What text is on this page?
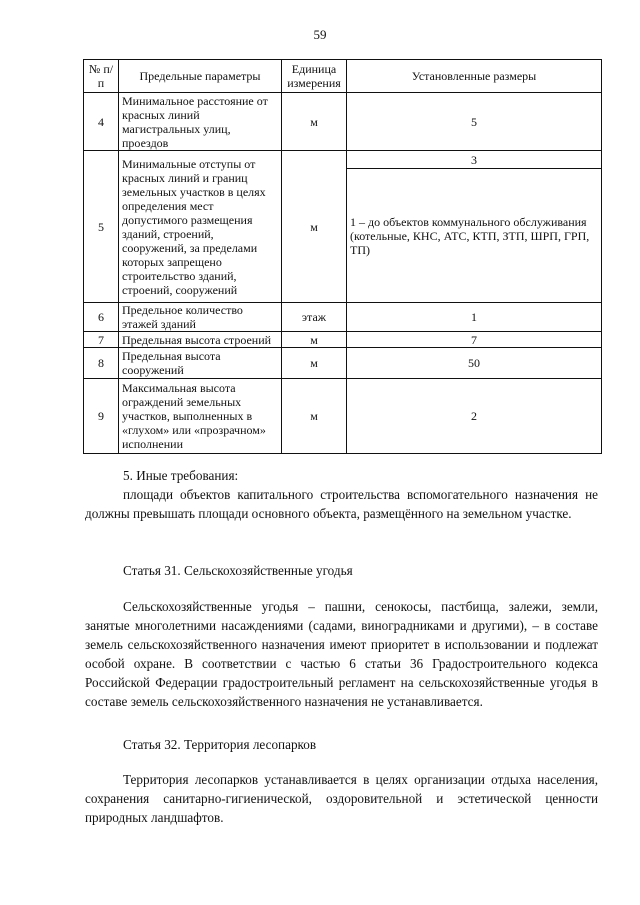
59
№ п/п	Предельные параметры	Единица измерения	Установленные размеры
4	Минимальное расстояние от красных линий магистральных улиц, проездов	м	5
5	Минимальные отступы от красных линий и границ земельных участков в целях определения мест допустимого размещения зданий, строений, сооружений, за пределами которых запрещено строительство зданий, строений, сооружений	м	3
			1 – до объектов коммунального обслуживания (котельные, КНС, АТС, КТП, ЗТП, ШРП, ГРП, ТП)
6	Предельное количество этажей зданий	этаж	1
7	Предельная высота строений	м	7
8	Предельная высота сооружений	м	50
9	Максимальная высота ограждений земельных участков, выполненных в «глухом» или «прозрачном» исполнении	м	2

5. Иные требования:

площади объектов капитального строительства вспомогательного назначения не должны превышать площади основного объекта, размещённого на земельном участке.

Статья 31. Сельскохозяйственные угодья

Сельскохозяйственные угодья – пашни, сенокосы, пастбища, залежи, земли, занятые многолетними насаждениями (садами, виноградниками и другими), – в составе земель сельскохозяйственного назначения имеют приоритет в использовании и подлежат особой охране. В соответствии с частью 6 статьи 36 Градостроительного кодекса Российской Федерации градостроительный регламент на сельскохозяйственные угодья в составе земель сельскохозяйственного назначения не устанавливается.

Статья 32. Территория лесопарков

Территория лесопарков устанавливается в целях организации отдыха населения, сохранения санитарно-гигиенической, оздоровительной и эстетической ценности природных ландшафтов.
